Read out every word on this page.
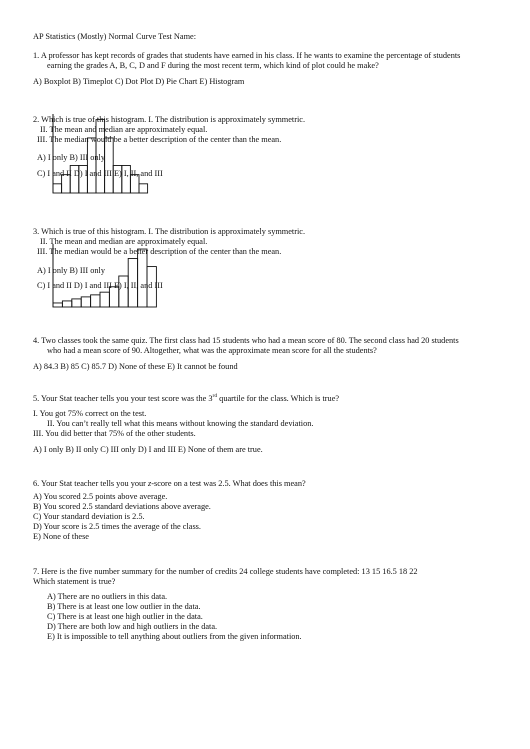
AP Statistics (Mostly) Normal Curve Test Name:
1. A professor has kept records of grades that students have earned in his class. If he wants to examine the percentage of students
earning the grades A, B, C, D and F during the most recent term, which kind of plot could he make?
A) Boxplot B) Timeplot C) Dot Plot D) Pie Chart E) Histogram
2. Which is true of this histogram. I. The distribution is approximately symmetric.
II. The mean and median are approximately equal.
III. The median would be a better description of the center than the mean.
A) I only B) III only
C) I and II D) I and III E) I, II, and III
3. Which is true of this histogram. I. The distribution is approximately symmetric.
II. The mean and median are approximately equal.
III. The median would be a better description of the center than the mean.
A) I only B) III only
C) I and II D) I and III E) I, II, and III
4. Two classes took the same quiz. The first class had 15 students who had a mean score of 80. The second class had 20 students
who had a mean score of 90. Altogether, what was the approximate mean score for all the students?
A) 84.3 B) 85 C) 85.7 D) None of these E) It cannot be found
5. Your Stat teacher tells you your test score was the 3rd quartile for the class. Which is true?
I. You got 75% correct on the test.
II. You can’t really tell what this means without knowing the standard deviation.
III. You did better that 75% of the other students.
A) I only B) II only C) III only D) I and III E) None of them are true.
6. Your Stat teacher tells you your z-score on a test was 2.5. What does this mean?
A) You scored 2.5 points above average.
B) You scored 2.5 standard deviations above average.
C) Your standard deviation is 2.5.
D) Your score is 2.5 times the average of the class.
E) None of these
7. Here is the five number summary for the number of credits 24 college students have completed: 13 15 16.5 18 22
Which statement is true?
A) There are no outliers in this data.
B) There is at least one low outlier in the data.
C) There is at least one high outlier in the data.
D) There are both low and high outliers in the data.
E) It is impossible to tell anything about outliers from the given information.
